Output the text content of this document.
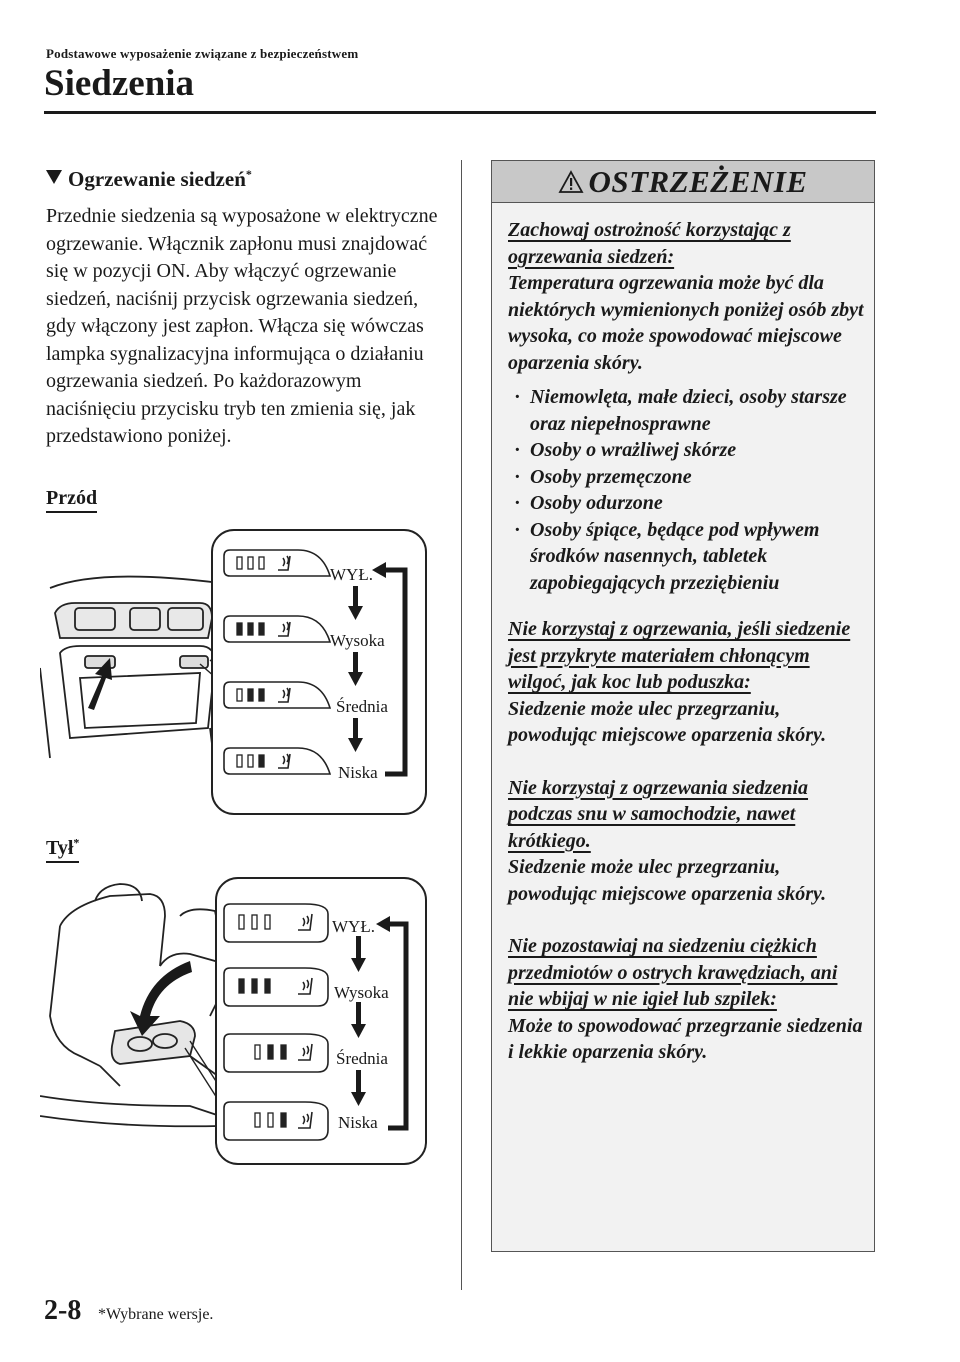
Podstawowe wyposażenie związane z bezpieczeństwem
Siedzenia
Ogrzewanie siedzeń*

Przednie siedzenia są wyposażone w elektryczne ogrzewanie. Włącznik zapłonu musi znajdować się w pozycji ON. Aby włączyć ogrzewanie siedzeń, naciśnij przycisk ogrzewania siedzeń, gdy włączony jest zapłon. Włącza się wówczas lampka sygnalizacyjna informująca o działaniu ogrzewania siedzeń. Po każdorazowym naciśnięciu przycisku tryb ten zmienia się, jak przedstawiono poniżej.

Przód
WYŁ.
Wysoka
Średnia
Niska
Tył*
WYŁ.
Wysoka
Średnia
Niska
OSTRZEŻENIE

Zachowaj ostrożność korzystając z ogrzewania siedzeń:

Temperatura ogrzewania może być dla niektórych wymienionych poniżej osób zbyt wysoka, co może spowodować miejscowe oparzenia skóry.

· Niemowlęta, małe dzieci, osoby starsze oraz niepełnosprawne
· Osoby o wrażliwej skórze
· Osoby przemęczone
· Osoby odurzone
· Osoby śpiące, będące pod wpływem środków nasennych, tabletek zapobiegających przeziębieniu

Nie korzystaj z ogrzewania, jeśli siedzenie jest przykryte materiałem chłonącym wilgoć, jak koc lub poduszka:

Siedzenie może ulec przegrzaniu, powodując miejscowe oparzenia skóry.

Nie korzystaj z ogrzewania siedzenia podczas snu w samochodzie, nawet krótkiego.

Siedzenie może ulec przegrzaniu, powodując miejscowe oparzenia skóry.

Nie pozostawiaj na siedzeniu ciężkich przedmiotów o ostrych krawędziach, ani nie wbijaj w nie igieł lub szpilek:

Może to spowodować przegrzanie siedzenia i lekkie oparzenia skóry.

2-8 *Wybrane wersje.
